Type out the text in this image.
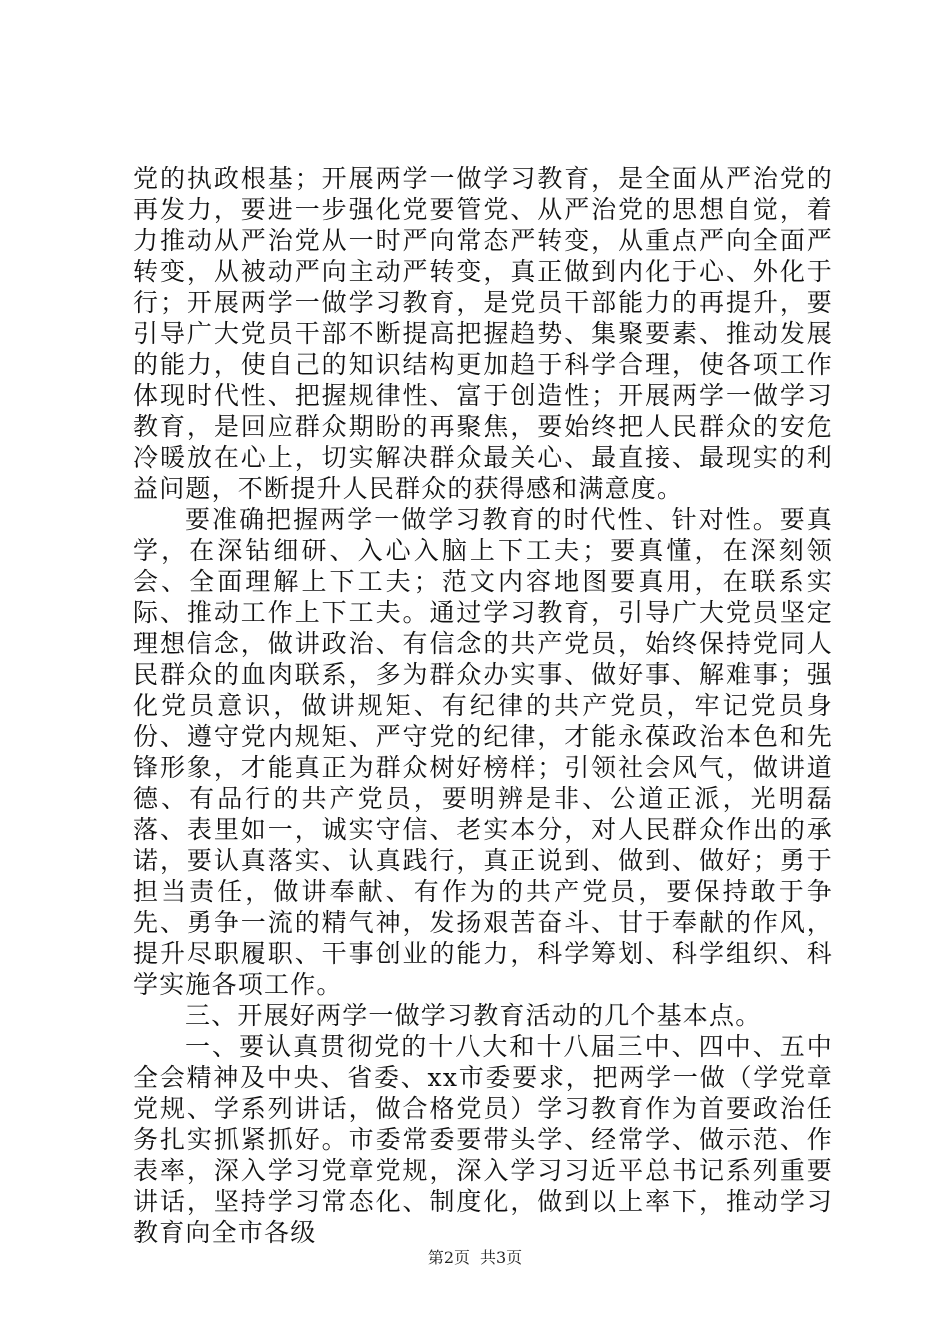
党的执政根基；开展两学一做学习教育，是全面从严治党的再发力，要进一步强化党要管党、从严治党的思想自觉，着力推动从严治党从一时严向常态严转变，从重点严向全面严转变，从被动严向主动严转变，真正做到内化于心、外化于行；开展两学一做学习教育，是党员干部能力的再提升，要引导广大党员干部不断提高把握趋势、集聚要素、推动发展的能力，使自己的知识结构更加趋于科学合理，使各项工作体现时代性、把握规律性、富于创造性；开展两学一做学习教育，是回应群众期盼的再聚焦，要始终把人民群众的安危冷暖放在心上，切实解决群众最关心、最直接、最现实的利益问题，不断提升人民群众的获得感和满意度。

要准确把握两学一做学习教育的时代性、针对性。要真学，在深钻细研、入心入脑上下工夫；要真懂，在深刻领会、全面理解上下工夫；范文内容地图要真用，在联系实际、推动工作上下工夫。通过学习教育，引导广大党员坚定理想信念，做讲政治、有信念的共产党员，始终保持党同人民群众的血肉联系，多为群众办实事、做好事、解难事；强化党员意识，做讲规矩、有纪律的共产党员，牢记党员身份、遵守党内规矩、严守党的纪律，才能永葆政治本色和先锋形象，才能真正为群众树好榜样；引领社会风气，做讲道德、有品行的共产党员，要明辨是非、公道正派，光明磊落、表里如一，诚实守信、老实本分，对人民群众作出的承诺，要认真落实、认真践行，真正说到、做到、做好；勇于担当责任，做讲奉献、有作为的共产党员，要保持敢于争先、勇争一流的精气神，发扬艰苦奋斗、甘于奉献的作风，提升尽职履职、干事创业的能力，科学筹划、科学组织、科学实施各项工作。

三、开展好两学一做学习教育活动的几个基本点。

一、要认真贯彻党的十八大和十八届三中、四中、五中全会精神及中央、省委、xx市委要求，把两学一做（学党章党规、学系列讲话，做合格党员）学习教育作为首要政治任务扎实抓紧抓好。市委常委要带头学、经常学、做示范、作表率，深入学习党章党规，深入学习习近平总书记系列重要讲话，坚持学习常态化、制度化，做到以上率下，推动学习教育向全市各级

第2页 共3页
